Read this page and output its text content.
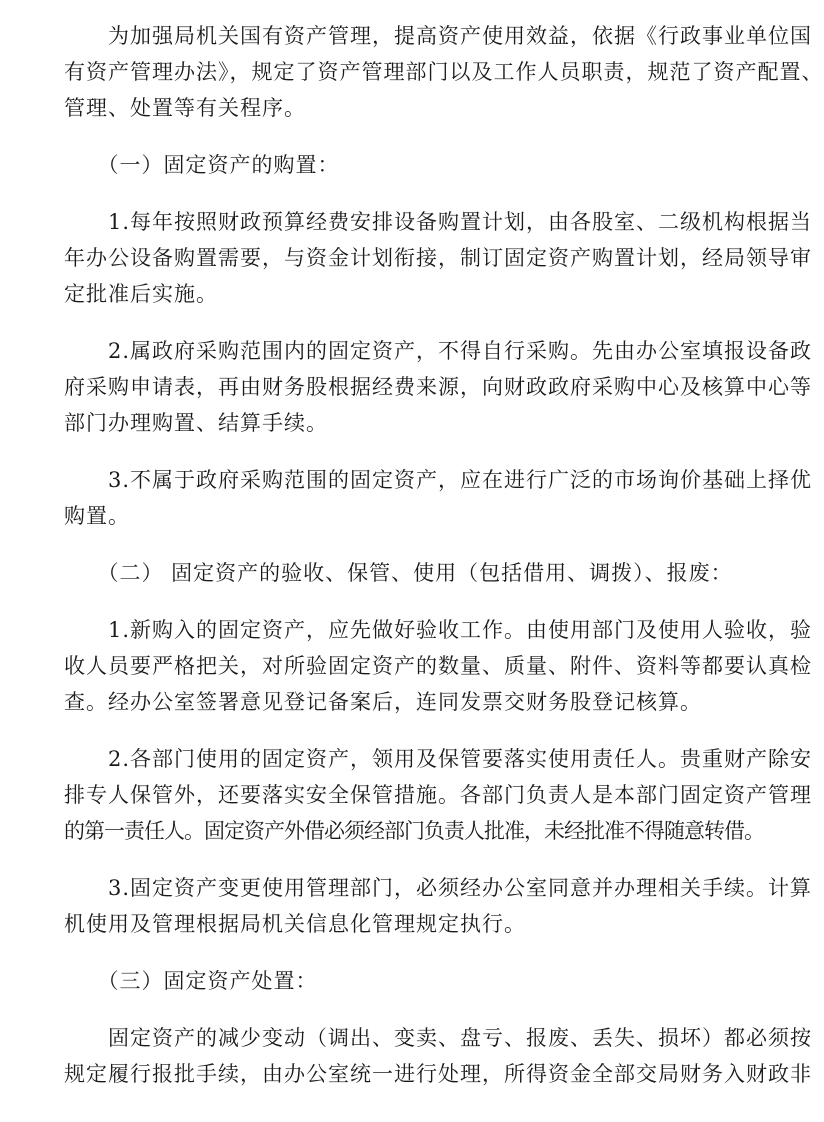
　　为加强局机关国有资产管理，提高资产使用效益，依据《行政事业单位国
有资产管理办法》，规定了资产管理部门以及工作人员职责，规范了资产配置、
管理、处置等有关程序。
　　（一）固定资产的购置：
　　1.每年按照财政预算经费安排设备购置计划，由各股室、二级机构根据当
年办公设备购置需要，与资金计划衔接，制订固定资产购置计划，经局领导审
定批准后实施。
　　2.属政府采购范围内的固定资产，不得自行采购。先由办公室填报设备政
府采购申请表，再由财务股根据经费来源，向财政政府采购中心及核算中心等
部门办理购置、结算手续。
　　3.不属于政府采购范围的固定资产，应在进行广泛的市场询价基础上择优
购置。
　　（二） 固定资产的验收、保管、使用（包括借用、调拨）、报废：
　　1.新购入的固定资产，应先做好验收工作。由使用部门及使用人验收，验
收人员要严格把关，对所验固定资产的数量、质量、附件、资料等都要认真检
查。经办公室签署意见登记备案后，连同发票交财务股登记核算。
　　2.各部门使用的固定资产，领用及保管要落实使用责任人。贵重财产除安
排专人保管外，还要落实安全保管措施。各部门负责人是本部门固定资产管理
的第一责任人。固定资产外借必须经部门负责人批准，未经批准不得随意转借。
　　3.固定资产变更使用管理部门，必须经办公室同意并办理相关手续。计算
机使用及管理根据局机关信息化管理规定执行。
　　（三）固定资产处置：
　　固定资产的减少变动（调出、变卖、盘亏、报废、丢失、损坏）都必须按
规定履行报批手续，由办公室统一进行处理，所得资金全部交局财务入财政非
